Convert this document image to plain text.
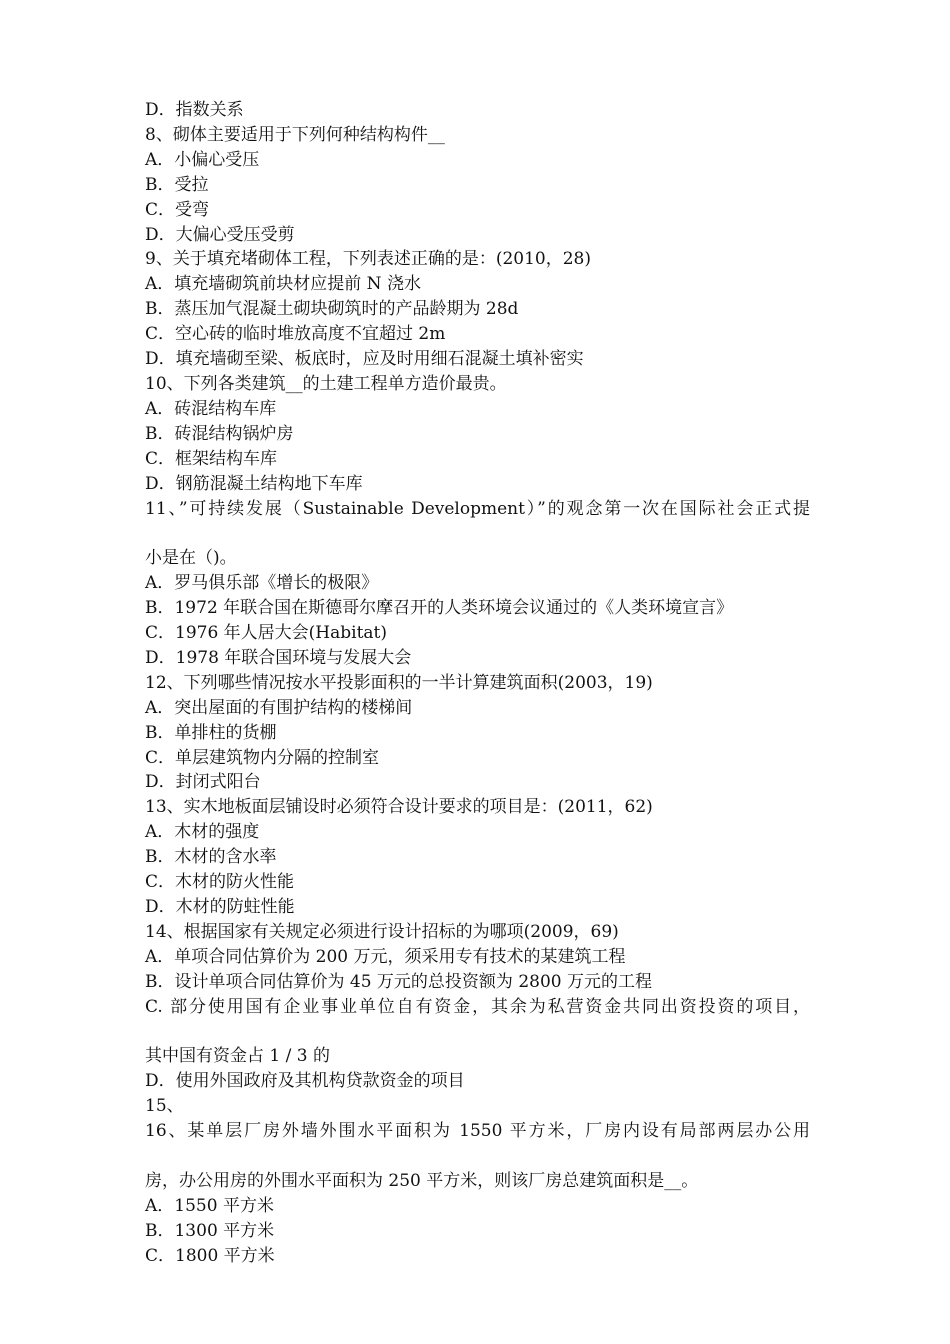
D．指数关系
8、砌体主要适用于下列何种结构构件__
A．小偏心受压
B．受拉
C．受弯
D．大偏心受压受剪
9、关于填充堵砌体工程，下列表述正确的是：(2010，28)
A．填充墙砌筑前块材应提前 N 浇水
B．蒸压加气混凝土砌块砌筑时的产品龄期为 28d
C．空心砖的临时堆放高度不宜超过 2m
D．填充墙砌至梁、板底时，应及时用细石混凝土填补密实
10、下列各类建筑__的土建工程单方造价最贵。
A．砖混结构车库
B．砖混结构锅炉房
C．框架结构车库
D．钢筋混凝土结构地下车库
11、”可持续发展（Sustainable Development）”的观念第一次在国际社会正式提
小是在（)。
A．罗马俱乐部《增长的极限》
B．1972 年联合国在斯德哥尔摩召开的人类环境会议通过的《人类环境宣言》
C．1976 年人居大会(Habitat)
D．1978 年联合国环境与发展大会
12、下列哪些情况按水平投影面积的一半计算建筑面积(2003，19)
A．突出屋面的有围护结构的楼梯间
B．单排柱的货棚
C．单层建筑物内分隔的控制室
D．封闭式阳台
13、实木地板面层铺设时必须符合设计要求的项目是：(2011，62)
A．木材的强度
B．木材的含水率
C．木材的防火性能
D．木材的防蛀性能
14、根据国家有关规定必须进行设计招标的为哪项(2009，69)
A．单项合同估算价为 200 万元，须采用专有技术的某建筑工程
B．设计单项合同估算价为 45 万元的总投资额为 2800 万元的工程
C. 部分使用国有企业事业单位自有资金，其余为私营资金共同出资投资的项目，
其中国有资金占 1 / 3 的
D．使用外国政府及其机构贷款资金的项目
15、
16、某单层厂房外墙外围水平面积为 1550 平方米，厂房内设有局部两层办公用
房，办公用房的外围水平面积为 250 平方米，则该厂房总建筑面积是__。
A．1550 平方米
B．1300 平方米
C．1800 平方米
